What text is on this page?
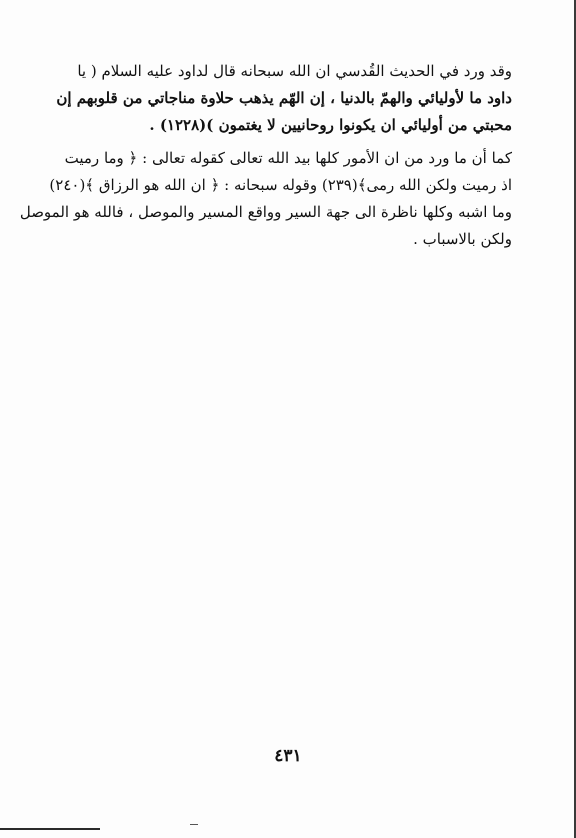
وقد ورد في الحديث القُدسي ان الله سبحانه قال لداود عليه السلام ( يا
داود ما لأوليائي والهمّ بالدنيا ، إن الهّم يذهب حلاوة مناجاتي من قلوبهم إن
محبتي من أوليائي ان يكونوا روحانيين لا يغتمون )(١٢٢٨) .
كما أن ما ورد من ان الأمور كلها بيد الله تعالى كقوله تعالى : ﴿ وما رميت
اذ رميت ولكن الله رمى﴾(٢٣٩) وقوله سبحانه : ﴿ ان الله هو الرزاق ﴾(٢٤٠)
وما اشبه وكلها ناظرة الى جهة السير وواقع المسير والموصل ، فالله هو الموصل
ولكن بالاسباب .
٤٣١
